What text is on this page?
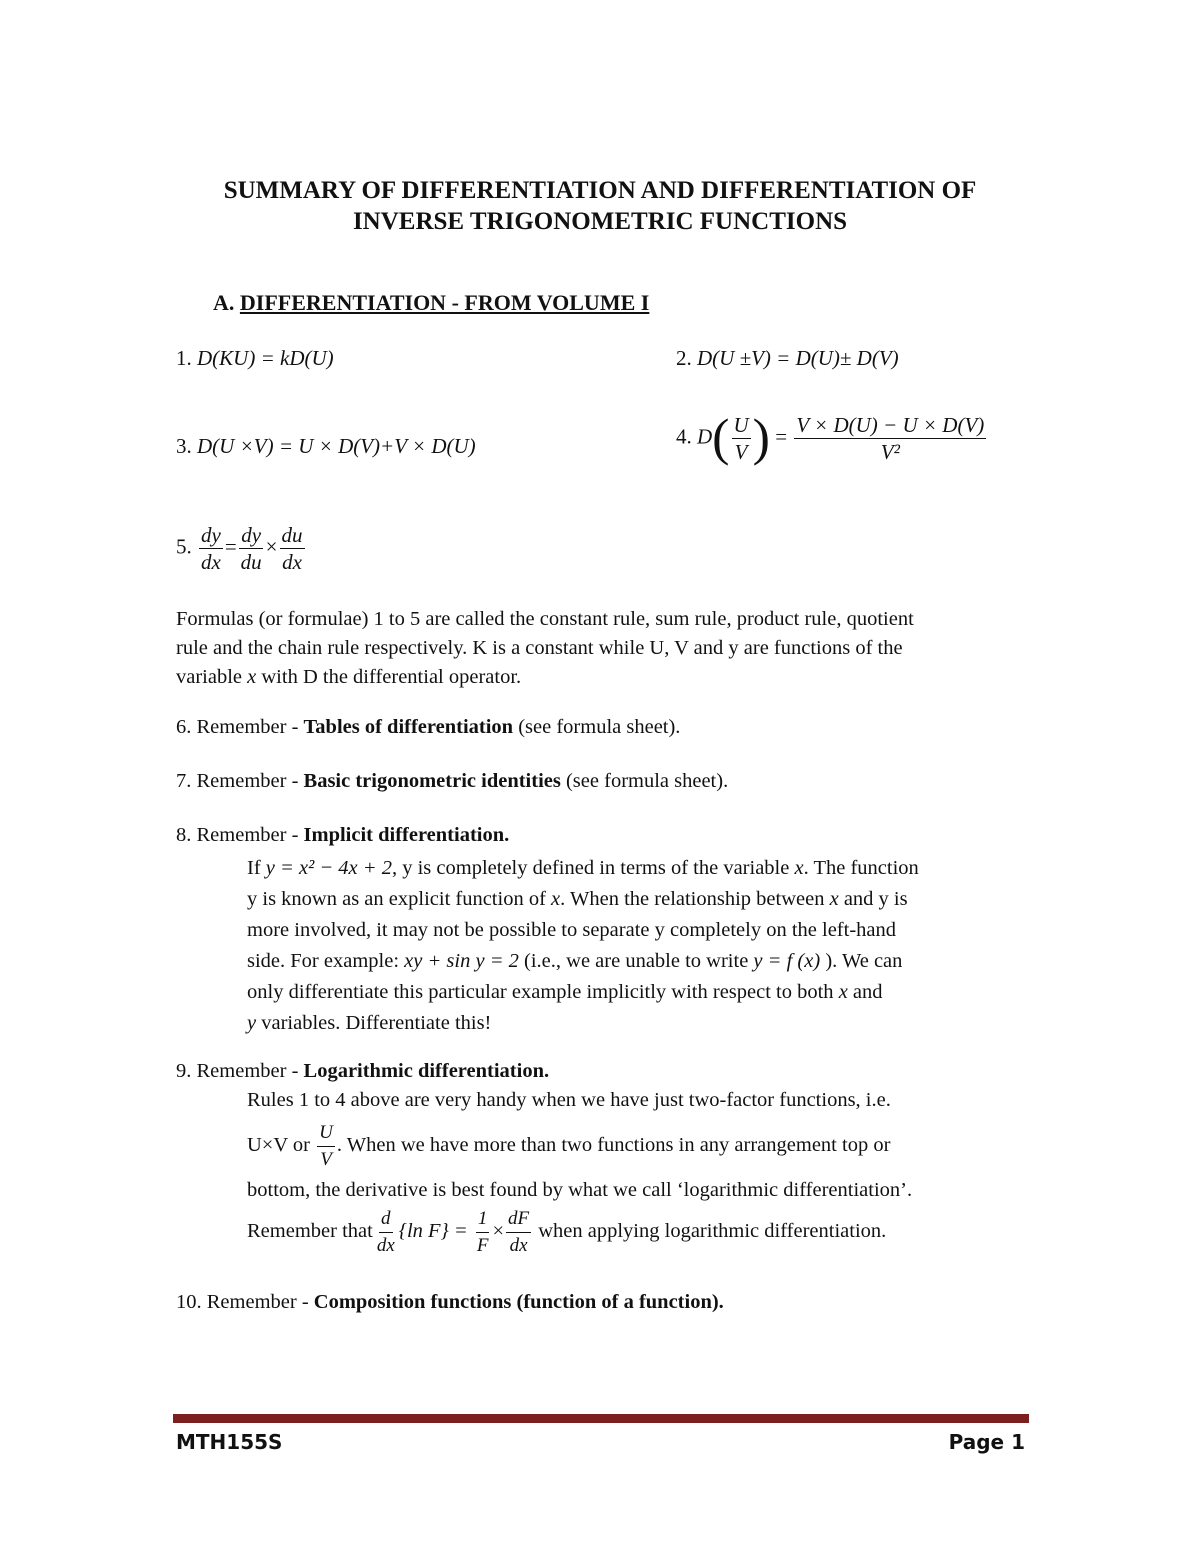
SUMMARY OF DIFFERENTIATION AND DIFFERENTIATION OF
INVERSE TRIGONOMETRIC FUNCTIONS
A. DIFFERENTIATION - FROM VOLUME I
1. D(KU) = kD(U)	2. D(U ±V) = D(U)± D(V)
3. D(U ×V) = U × D(V)+V × D(U)	4. $D( \frac{U}{V}$ ) = $\frac{V \times D(U) - U \times D(V)}{\text{V²}}$
5. $\frac{dy}{dx} = \frac{dy}{du} \times \frac{du}{dx}$
Formulas (or formulae) 1 to 5 are called the constant rule, sum rule, product rule, quotient
rule and the chain rule respectively. K is a constant while U, V and y are functions of the
variable x with D the differential operator.
6. Remember - Tables of differentiation (see formula sheet).
7. Remember - Basic trigonometric identities (see formula sheet).
8. Remember - Implicit differentiation.
If y = x² − 4x + 2, y is completely defined in terms of the variable x. The function
y is known as an explicit function of x. When the relationship between x and y is
more involved, it may not be possible to separate y completely on the left-hand
side. For example: xy + sin y = 2 (i.e., we are unable to write y = f (x) ). We can
only differentiate this particular example implicitly with respect to both x and
y variables. Differentiate this!
9. Remember - Logarithmic differentiation.
Rules 1 to 4 above are very handy when we have just two-factor functions, i.e.
U×V or $\frac{U}{V}$ . When we have more than two functions in any arrangement top or
bottom, the derivative is best found by what we call ‘logarithmic differentiation’.
Remember that $\frac{d}{dx} \{\ln$ $F\} = \frac{1}{F} \times \frac{dF}{dx}$ when applying logarithmic differentiation.
10. Remember - Composition functions (function of a function).
MTH155S	Page 1
